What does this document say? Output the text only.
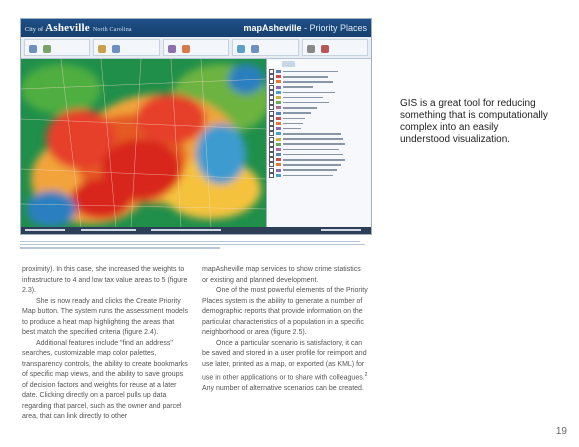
City of Asheville North Carolina	mapAsheville - Priority Places

GIS is a great tool for reducing something that is computationally complex into an easily understood visualization.

proximity). In this case, she increased the weights to infrastructure to 4 and low tax value areas to 5 (figure 2.3).

She is now ready and clicks the Create Priority Map button. The system runs the assessment models to produce a heat map highlighting the areas that best match the specified criteria (figure 2.4).

Additional features include "find an address" searches, customizable map color palettes, transparency controls, the ability to create bookmarks of specific map views, and the ability to save groups of decision factors and weights for reuse at a later date. Clicking directly on a parcel pulls up data regarding that parcel, such as the owner and parcel area, that can link directly to other

mapAsheville map services to show crime statistics or existing and planned development.

One of the most powerful elements of the Priority Places system is the ability to generate a number of demographic reports that provide information on the particular characteristics of a population in a specific neighborhood or area (figure 2.5).

Once a particular scenario is satisfactory, it can be saved and stored in a user profile for reimport and use later, printed as a map, or exported (as KML) for use in other applications or to share with colleagues.$^2$ Any number of alternative scenarios can be created.

19
